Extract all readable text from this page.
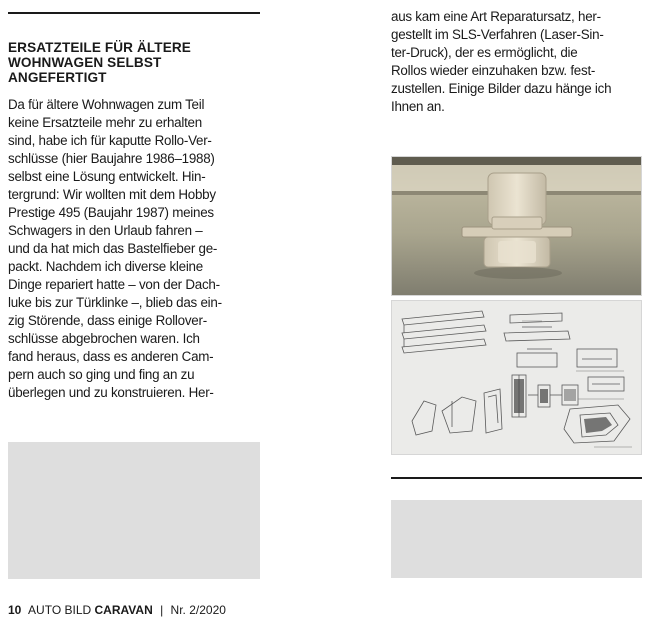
ERSATZTEILE FÜR ÄLTERE WOHNWAGEN SELBST ANGEFERTIGT
Da für ältere Wohnwagen zum Teil
keine Ersatzteile mehr zu erhalten
sind, habe ich für kaputte Rollo-Ver-
schlüsse (hier Baujahre 1986–1988)
selbst eine Lösung entwickelt. Hin-
tergrund: Wir wollten mit dem Hobby
Prestige 495 (Baujahr 1987) meines
Schwagers in den Urlaub fahren –
und da hat mich das Bastelfieber ge-
packt. Nachdem ich diverse kleine
Dinge repariert hatte – von der Dach-
luke bis zur Türklinke –, blieb das ein-
zig Störende, dass einige Rollover-
schlüsse abgebrochen waren. Ich
fand heraus, dass es anderen Cam-
pern auch so ging und fing an zu
überlegen und zu konstruieren. Her-
aus kam eine Art Reparatursatz, her-
gestellt im SLS-Verfahren (Laser-Sin-
ter-Druck), der es ermöglicht, die
Rollos wieder einzuhaken bzw. fest-
zustellen. Einige Bilder dazu hänge ich
Ihnen an.
10 AUTO BILD CARAVAN | Nr. 2/2020
